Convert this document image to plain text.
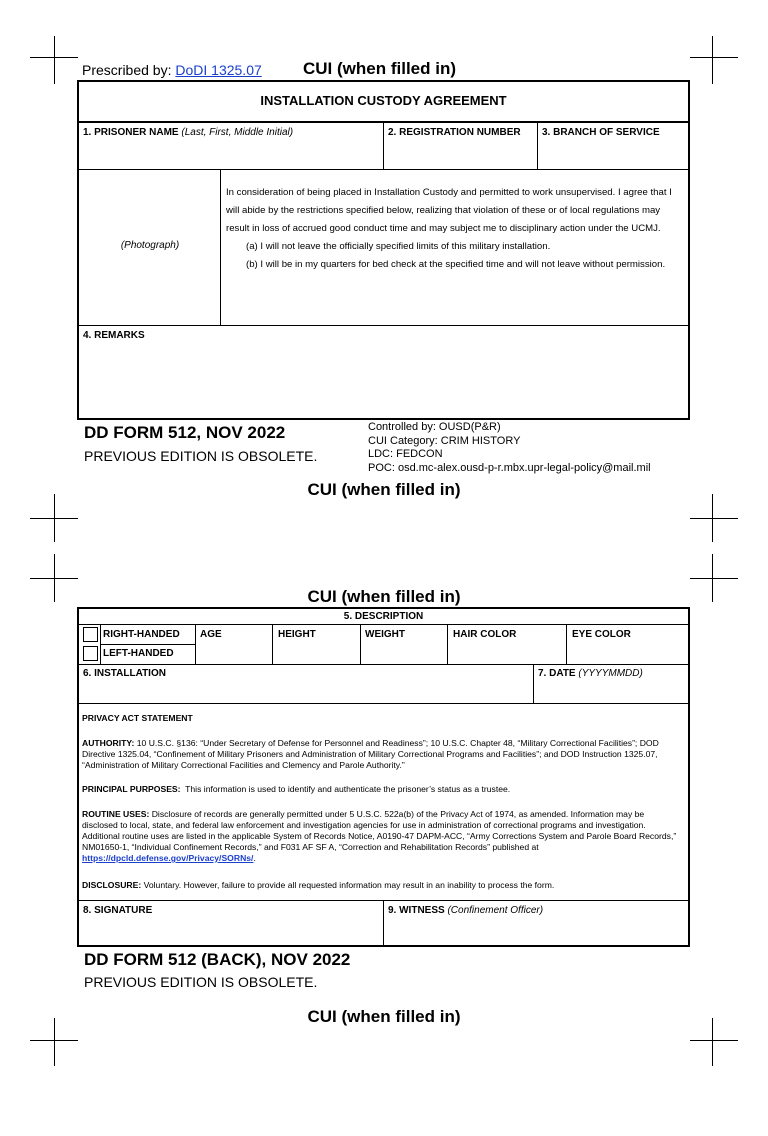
Prescribed by: DoDI 1325.07 CUI (when filled in)
INSTALLATION CUSTODY AGREEMENT
1. PRISONER NAME (Last, First, Middle Initial)	2. REGISTRATION NUMBER 3. BRANCH OF SERVICE
(Photograph)

In consideration of being placed in Installation Custody and permitted to work unsupervised. I agree that I will abide by the restrictions specified below, realizing that violation of these or of local regulations may result in loss of accrued good conduct time and may subject me to disciplinary action under the UCMJ.

(a) I will not leave the officially specified limits of this military installation.

(b) I will be in my quarters for bed check at the specified time and will not leave without permission.

4. REMARKS
DD FORM 512, NOV 2022
PREVIOUS EDITION IS OBSOLETE.
Controlled by: OUSD(P&R)
CUI Category: CRIM HISTORY
LDC: FEDCON
POC: osd.mc-alex.ousd-p-r.mbx.upr-legal-policy@mail.mil
CUI (when filled in)
CUI (when filled in)
5. DESCRIPTION
RIGHT-HANDED
LEFT-HANDED
AGE	HEIGHT	WEIGHT	HAIR COLOR	EYE COLOR
6. INSTALLATION	7. DATE (YYYYMMDD)
PRIVACY ACT STATEMENT
AUTHORITY: 10 U.S.C. §136: “Under Secretary of Defense for Personnel and Readiness”; 10 U.S.C. Chapter 48, “Military Correctional Facilities”; DOD Directive 1325.04, “Confinement of Military Prisoners and Administration of Military Correctional Programs and Facilities”; and DOD Instruction 1325.07, “Administration of Military Correctional Facilities and Clemency and Parole Authority.”
PRINCIPAL PURPOSES: This information is used to identify and authenticate the prisoner’s status as a trustee.
ROUTINE USES: Disclosure of records are generally permitted under 5 U.S.C. 522a(b) of the Privacy Act of 1974, as amended. Information may be disclosed to local, state, and federal law enforcement and investigation agencies for use in administration of correctional programs and investigation. Additional routine uses are listed in the applicable System of Records Notice, A0190-47 DAPM-ACC, “Army Corrections System and Parole Board Records,” NM01650-1, “Individual Confinement Records,” and F031 AF SF A, “Correction and Rehabilitation Records” published at https://dpcld.defense.gov/Privacy/SORNs/.
DISCLOSURE: Voluntary. However, failure to provide all requested information may result in an inability to process the form.
8. SIGNATURE	9. WITNESS (Confinement Officer)
DD FORM 512 (BACK), NOV 2022
PREVIOUS EDITION IS OBSOLETE.
CUI (when filled in)
